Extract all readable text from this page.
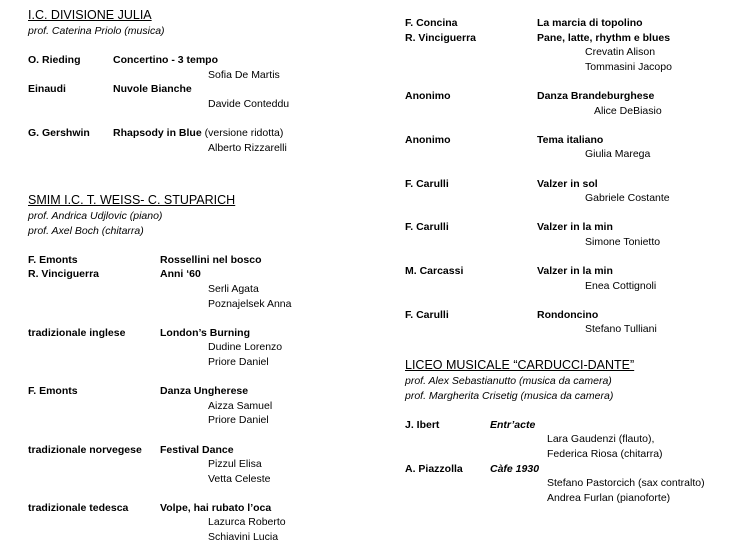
I.C. DIVISIONE JULIA
prof. Caterina Priolo (musica)
O. Rieding	Concertino - 3 tempo
Sofia De Martis
Einaudi	Nuvole Bianche
Davide Conteddu
G. Gershwin Rhapsody in Blue (versione ridotta)
Alberto Rizzarelli
SMIM I.C. T. WEISS- C. STUPARICH
prof. Andrica Udjlovic (piano)
prof. Axel Boch (chitarra)
F. Emonts	Rossellini nel bosco
R. Vinciguerra	Anni ‘60
Serli Agata
Poznajelsek Anna
tradizionale inglese	London’s Burning
Dudine Lorenzo
Priore Daniel
F. Emonts	Danza Ungherese
Aizza Samuel
Priore Daniel
tradizionale norvegese Festival Dance
Pizzul Elisa
Vetta Celeste
tradizionale tedesca	Volpe, hai rubato l’oca
Lazurca Roberto
Schiavini Lucia
F. Concina	La marcia di topolino
R. Vinciguerra	Pane, latte, rhythm e blues
Crevatin Alison
Tommasini Jacopo
Anonimo	Danza Brandeburghese
Alice DeBiasio
Anonimo	Tema italiano
Giulia Marega
F. Carulli	Valzer in sol
Gabriele Costante
F. Carulli	Valzer in la min
Simone Tonietto
M. Carcassi	Valzer in la min
Enea Cottignoli
F. Carulli	Rondoncino
Stefano Tulliani
LICEO MUSICALE “CARDUCCI-DANTE”
prof. Alex Sebastianutto (musica da camera)
prof. Margherita Crisetig (musica da camera)
J. Ibert	Entr’acte
Lara Gaudenzi (flauto),
Federica Riosa (chitarra)
A. Piazzolla	Càfe 1930
Stefano Pastorcich (sax contralto)
Andrea Furlan (pianoforte)
